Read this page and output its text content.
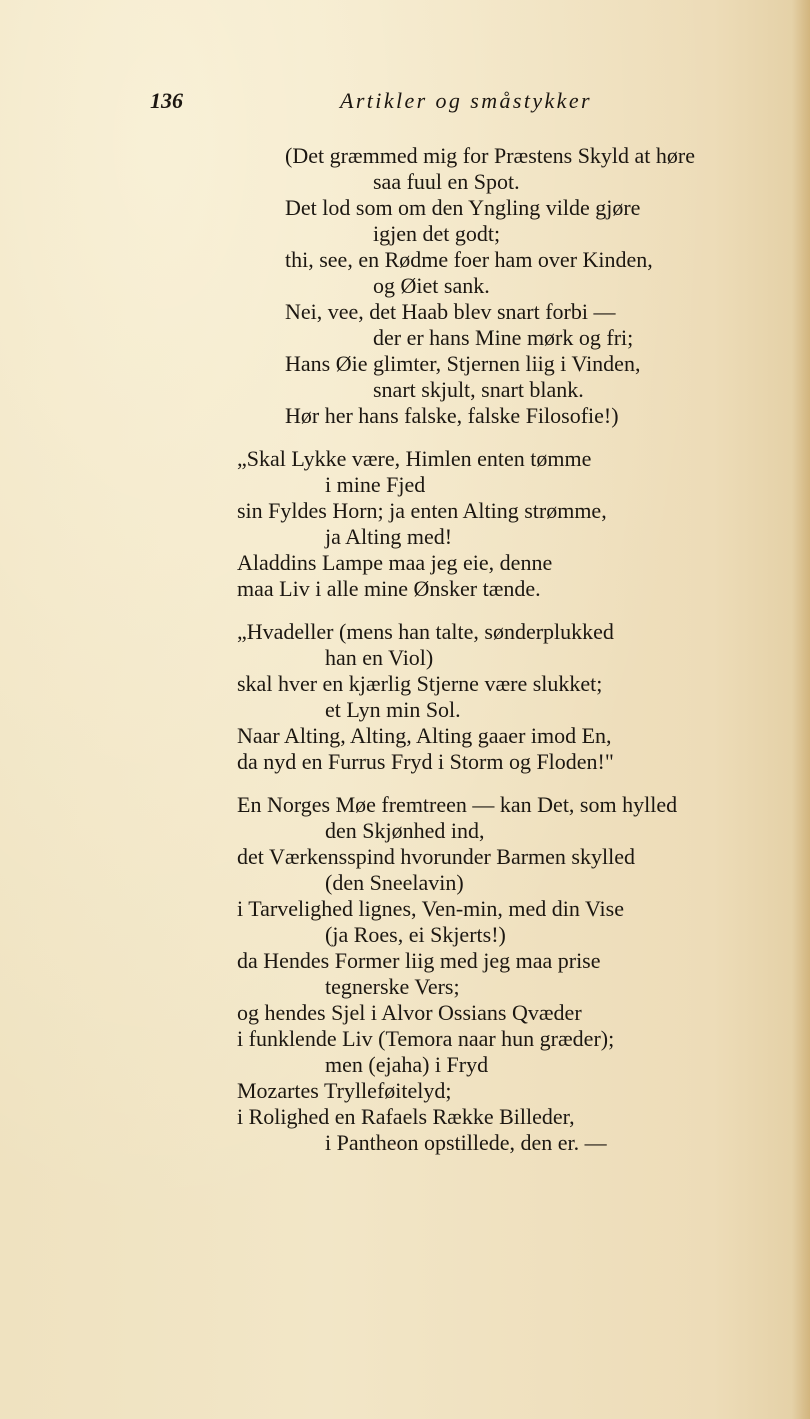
136	Artikler og småstykker
(Det græmmed mig for Præstens Skyld at høre
saa fuul en Spot.
Det lod som om den Yngling vilde gjøre
igjen det godt;
thi, see, en Rødme foer ham over Kinden,
og Øiet sank.
Nei, vee, det Haab blev snart forbi —
der er hans Mine mørk og fri;
Hans Øie glimter, Stjernen liig i Vinden,
snart skjult, snart blank.
Hør her hans falske, falske Filosofie!)
„Skal Lykke være, Himlen enten tømme
i mine Fjed
sin Fyldes Horn; ja enten Alting strømme,
ja Alting med!
Aladdins Lampe maa jeg eie, denne
maa Liv i alle mine Ønsker tænde.
„Hvadeller (mens han talte, sønderplukked
han en Viol)
skal hver en kjærlig Stjerne være slukket;
et Lyn min Sol.
Naar Alting, Alting, Alting gaaer imod En,
da nyd en Furrus Fryd i Storm og Floden!"
En Norges Møe fremtreen — kan Det, som hylled
den Skjønhed ind,
det Værkensspind hvorunder Barmen skylled
(den Sneelavin)
i Tarvelighed lignes, Ven-min, med din Vise
(ja Roes, ei Skjerts!)
da Hendes Former liig med jeg maa prise
tegnerske Vers;
og hendes Sjel i Alvor Ossians Qvæder
i funklende Liv (Temora naar hun græder);
men (ejaha) i Fryd
Mozartes Trylleføitelyd;
i Rolighed en Rafaels Række Billeder,
i Pantheon opstillede, den er. —
